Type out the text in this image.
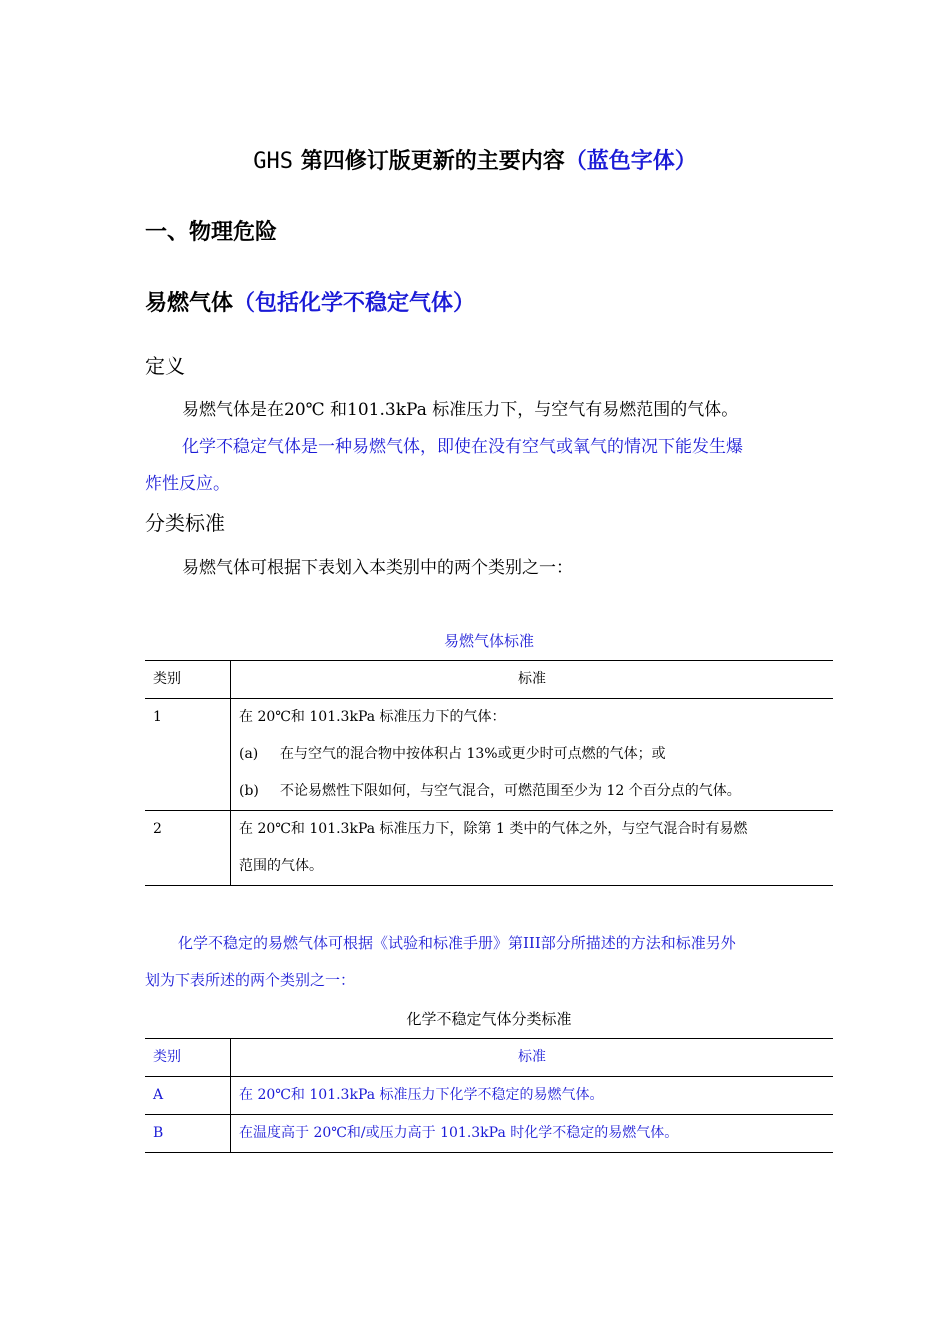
GHS 第四修订版更新的主要内容（蓝色字体）
一、物理危险
易燃气体（包括化学不稳定气体）
定义
易燃气体是在20℃ 和101.3kPa 标准压力下，与空气有易燃范围的气体。
化学不稳定气体是一种易燃气体，即使在没有空气或氧气的情况下能发生爆
炸性反应。
分类标准
易燃气体可根据下表划入本类别中的两个类别之一：
易燃气体标准
类别	标准
1	在 20℃和 101.3kPa 标准压力下的气体：
(a) 在与空气的混合物中按体积占 13%或更少时可点燃的气体；或
(b) 不论易燃性下限如何，与空气混合，可燃范围至少为 12 个百分点的气体。

2	在 20℃和 101.3kPa 标准压力下，除第 1 类中的气体之外，与空气混合时有易燃
范围的气体。
化学不稳定的易燃气体可根据《试验和标准手册》第III部分所描述的方法和标准另外
划为下表所述的两个类别之一：
化学不稳定气体分类标准
类别	标准
A	在 20℃和 101.3kPa 标准压力下化学不稳定的易燃气体。
B	在温度高于 20℃和/或压力高于 101.3kPa 时化学不稳定的易燃气体。
